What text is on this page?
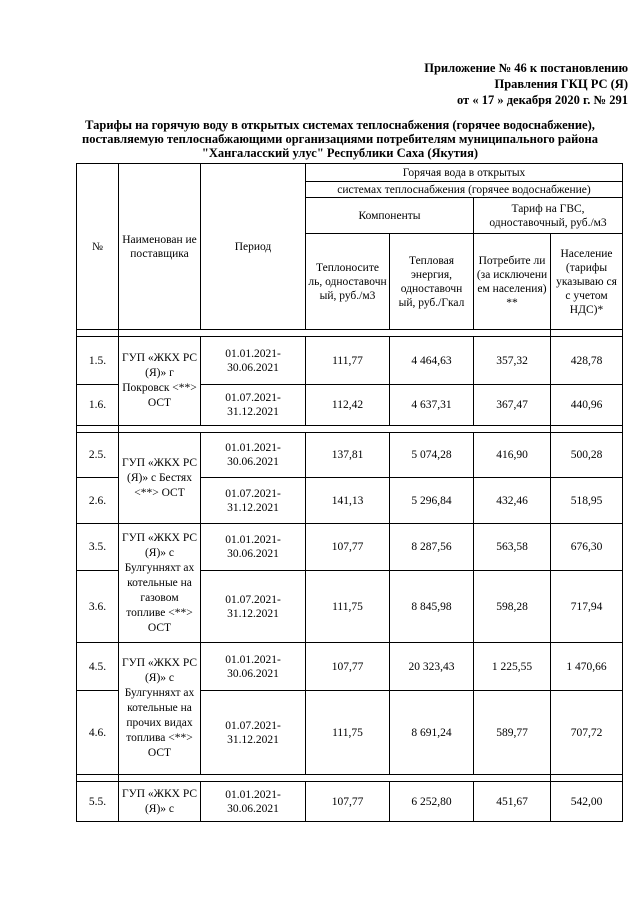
Приложение № 46 к постановлению
Правления ГКЦ РС (Я)
от « 17 » декабря 2020 г. № 291
Тарифы на горячую воду в открытых системах теплоснабжения (горячее водоснабжение),
поставляемую теплоснабжающими организациями потребителям муниципального района
"Хангаласский улус" Республики Саха (Якутия)
№	Наименован ие поставщика	Период	Горячая вода в открытых			
			системах теплоснабжения (горячее водоснабжение)			
			Компоненты		Тариф на ГВС, одноставочный, руб./м3	

			Теплоносите ль, одноставочн ый, руб./м3	Тепловая энергия, одноставочн ый, руб./Гкал	Потребите ли (за исключени ем населения) **	Население (тарифы указываю ся с учетом НДС)*

1.5.	ГУП «ЖКХ РС (Я)» г Покровск <**> ОСТ	01.01.2021- 30.06.2021	111,77	4 464,63	357,32	428,78
1.6.		01.07.2021- 31.12.2021	112,42	4 637,31	367,47	440,96

2.5.	ГУП «ЖКХ РС (Я)» с Бестях <**> ОСТ	01.01.2021- 30.06.2021	137,81	5 074,28	416,90	500,28
2.6.		01.07.2021- 31.12.2021	141,13	5 296,84	432,46	518,95
3.5.	ГУП «ЖКХ РС (Я)» с Булгунняхт ах котельные на газовом топливе <**> ОСТ	01.01.2021- 30.06.2021	107,77	8 287,56	563,58	676,30
3.6.		01.07.2021- 31.12.2021	111,75	8 845,98	598,28	717,94
4.5.	ГУП «ЖКХ РС (Я)» с Булгунняхт ах котельные на прочих видах топлива <**> ОСТ	01.01.2021- 30.06.2021	107,77	20 323,43	1 225,55	1 470,66
4.6.		01.07.2021- 31.12.2021	111,75	8 691,24	589,77	707,72

5.5.	ГУП «ЖКХ РС (Я)» с	01.01.2021- 30.06.2021	107,77	6 252,80	451,67	542,00
